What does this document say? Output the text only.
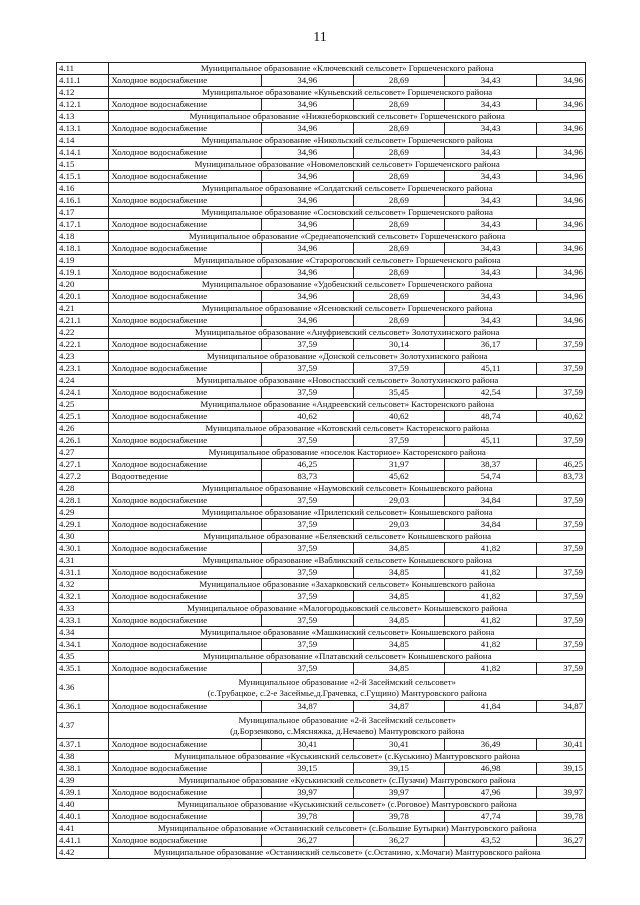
11
4.11	Муниципальное образование «Ключевский сельсовет» Горшеченского района				
4.11.1	Холодное водоснабжение	34,96	28,69	34,43	34,96
4.12	Муниципальное образование «Куньевский сельсовет» Горшеченского района				
4.12.1	Холодное водоснабжение	34,96	28,69	34,43	34,96
4.13	Муниципальное образование «Нижнеборковский сельсовет» Горшеченского района				
4.13.1	Холодное водоснабжение	34,96	28,69	34,43	34,96
4.14	Муниципальное образование «Никольский сельсовет» Горшеченского района				
4.14.1	Холодное водоснабжение	34,96	28,69	34,43	34,96
4.15	Муниципальное образование «Новомеловский сельсовет» Горшеченского района				
4.15.1	Холодное водоснабжение	34,96	28,69	34,43	34,96
4.16	Муниципальное образование «Солдатский сельсовет» Горшеченского района				
4.16.1	Холодное водоснабжение	34,96	28,69	34,43	34,96
4.17	Муниципальное образование «Сосновский сельсовет» Горшеченского района				
4.17.1	Холодное водоснабжение	34,96	28,69	34,43	34,96
4.18	Муниципальное образование «Среднеапочепский сельсовет» Горшеченского района				
4.18.1	Холодное водоснабжение	34,96	28,69	34,43	34,96
4.19	Муниципальное образование «Старороговский сельсовет» Горшеченского района				
4.19.1	Холодное водоснабжение	34,96	28,69	34,43	34,96
4.20	Муниципальное образование «Удобенский сельсовет» Горшеченского района				
4.20.1	Холодное водоснабжение	34,96	28,69	34,43	34,96
4.21	Муниципальное образование «Ясеновский сельсовет» Горшеченского района				
4.21.1	Холодное водоснабжение	34,96	28,69	34,43	34,96
4.22	Муниципальное образование «Ануфриевский сельсовет» Золотухинского района				
4.22.1	Холодное водоснабжение	37,59	30,14	36,17	37,59
4.23	Муниципальное образование «Донской сельсовет» Золотухинского района				
4.23.1	Холодное водоснабжение	37,59	37,59	45,11	37,59
4.24	Муниципальное образование «Новоспасский сельсовет» Золотухинского района				
4.24.1	Холодное водоснабжение	37,59	35,45	42,54	37,59
4.25	Муниципальное образование «Андреевский сельсовет» Касторенского района				
4.25.1	Холодное водоснабжение	40,62	40,62	48,74	40,62
4.26	Муниципальное образование «Котовский сельсовет» Касторенского района				
4.26.1	Холодное водоснабжение	37,59	37,59	45,11	37,59
4.27	Муниципальное образование «поселок Касторное» Касторенского района				
4.27.1	Холодное водоснабжение	46,25	31,97	38,37	46,25
4.27.2	Водоотведение	83,73	45,62	54,74	83,73
4.28	Муниципальное образование «Наумовский сельсовет» Конышевского района				
4.28.1	Холодное водоснабжение	37,59	29,03	34,84	37,59
4.29	Муниципальное образование «Прилепский сельсовет» Конышевского района				
4.29.1	Холодное водоснабжение	37,59	29,03	34,84	37,59
4.30	Муниципальное образование «Беляевский сельсовет» Конышевского района				
4.30.1	Холодное водоснабжение	37,59	34,85	41,82	37,59
4.31	Муниципальное образование «Вабликский сельсовет» Конышевского района				
4.31.1	Холодное водоснабжение	37,59	34,85	41,82	37,59
4.32	Муниципальное образование «Захарковский сельсовет» Конышевского района				
4.32.1	Холодное водоснабжение	37,59	34,85	41,82	37,59
4.33	Муниципальное образование «Малогородьковский сельсовет» Конышевского района				
4.33.1	Холодное водоснабжение	37,59	34,85	41,82	37,59
4.34	Муниципальное образование «Машкинский сельсовет» Конышевского района				
4.34.1	Холодное водоснабжение	37,59	34,85	41,82	37,59
4.35	Муниципальное образование «Платавский сельсовет» Конышевского района				
4.35.1	Холодное водоснабжение	37,59	34,85	41,82	37,59
4.36	Муниципальное образование «2-й Засеймский сельсовет»
(с.Трубацкое, с.2-е Засеймье,д.Грачевка, с.Гущино) Мантуровского района				

4.36.1	Холодное водоснабжение	34,87	34,87	41,84	34,87
4.37	Муниципальное образование «2-й Засеймский сельсовет»
(д.Борзенково, с.Мясняжка, д.Нечаево) Мантуровского района				

4.37.1	Холодное водоснабжение	30,41	30,41	36,49	30,41
4.38	Муниципальное образование «Куськинский сельсовет» (с.Куськино) Мантуровского района				
4.38.1	Холодное водоснабжение	39,15	39,15	46,98	39,15
4.39	Муниципальное образование «Куськинский сельсовет» (с.Пузачи) Мантуровского района				
4.39.1	Холодное водоснабжение	39,97	39,97	47,96	39,97
4.40	Муниципальное образование «Куськинский сельсовет» (с.Роговое) Мантуровского района				
4.40.1	Холодное водоснабжение	39,78	39,78	47,74	39,78
4.41	Муниципальное образование «Останинский сельсовет» (с.Большие Бутырки) Мантуровского района				
4.41.1	Холодное водоснабжение	36,27	36,27	43,52	36,27
4.42	Муниципальное образование «Останинский сельсовет» (с.Останино, х.Мочаги) Мантуровского района				
